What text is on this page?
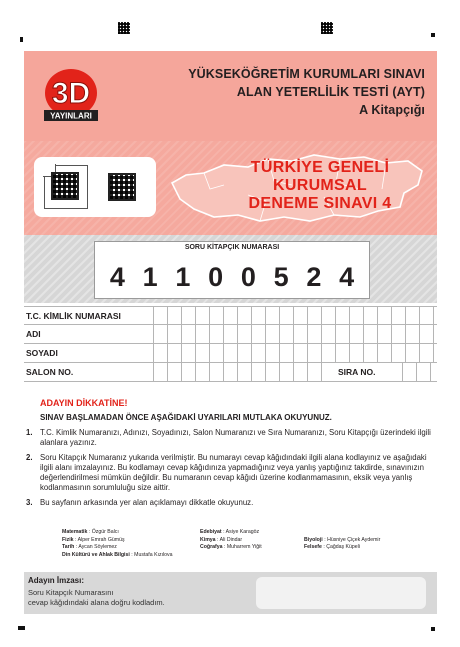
3D
YAYINLARI
YÜKSEKÖĞRETİM KURUMLARI SINAVI
ALAN YETERLİLİK TESTİ (AYT)
A Kitapçığı
TÜRKİYE GENELİ
KURUMSAL
DENEME SINAVI 4
SORU KİTAPÇIK NUMARASI
4 1 1 0 0 5 2 4
T.C. KİMLİK NUMARASI
ADI
SOYADI
SALON NO.	SIRA NO.
ADAYIN DİKKATİNE!
SINAV BAŞLAMADAN ÖNCE AŞAĞIDAKİ UYARILARI MUTLAKA OKUYUNUZ.
1. T.C. Kimlik Numaranızı, Adınızı, Soyadınızı, Salon Numaranızı ve Sıra Numaranızı, Soru Kitapçığı üzerindeki ilgili alanlara yazınız.
2. Soru Kitapçık Numaranız yukarıda verilmiştir. Bu numarayı cevap kâğıdındaki ilgili alana kodlayınız ve aşağıdaki ilgili alanı imzalayınız. Bu kodlamayı cevap kâğıdınıza yapmadığınız veya yanlış yaptığınız takdirde, sınavınızın değerlendirilmesi mümkün değildir. Bu numaranın cevap kâğıdı üzerine kodlanmamasının, eksik veya yanlış kodlanmasının sorumluluğu size aittir.
3. Bu sayfanın arkasında yer alan açıklamayı dikkatle okuyunuz.
Matematik : Özgür Balcı
Fizik : Alper Emrah Gümüş
Tarih : Aycan Söylemez
Din Kültürü ve Ahlak Bilgisi : Mustafa Kızılova
Edebiyat : Asiye Karagöz
Kimya : Ali Dindar
Coğrafya : Muharrem Yiğit
Biyoloji : Hüsniye Çiçek Aydemir
Felsefe : Çağdaş Küpeli
Adayın İmzası:
Soru Kitapçık Numarasını
cevap kâğıdındaki alana doğru kodladım.
